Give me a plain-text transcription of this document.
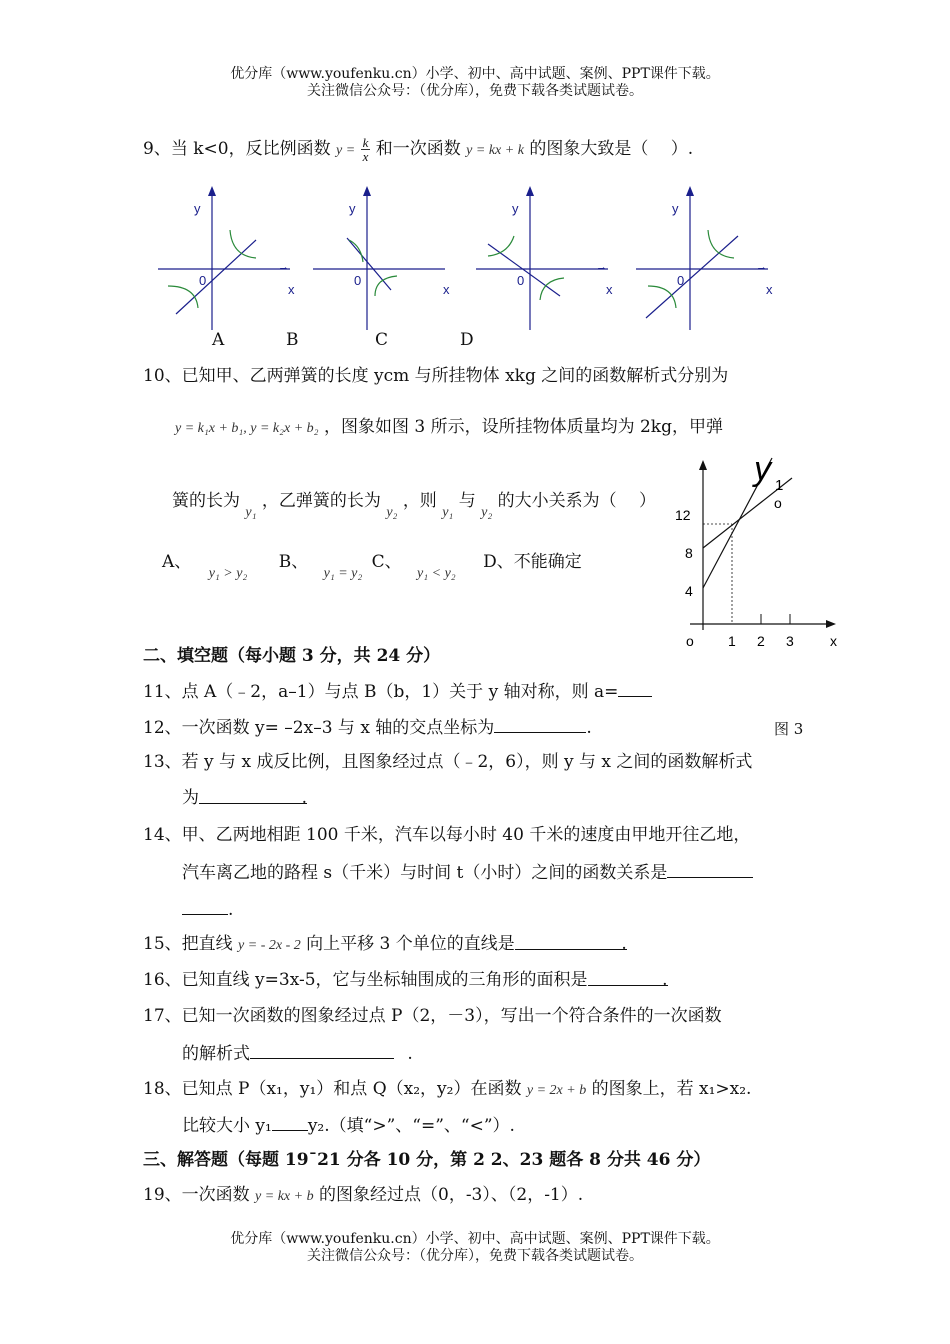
优分库（www.youfenku.cn）小学、初中、高中试题、案例、PPT课件下载。
关注微信公众号：（优分库），免费下载各类试题试卷。
9、当 k<0，反比例函数 $y = \frac{k}{x}$ 和一次函数 y = kx + k 的图象大致是（　 ）.
y
0
x
→
y
0
x
y
0
x
→
y
0
x
→
A	B	C	D
10、已知甲、乙两弹簧的长度 ycm 与所挂物体 xkg 之间的函数解析式分别为
y = k₁x + b₁, y = k₂x + b₂ ，图象如图 3 所示，设所挂物体质量均为 2kg，甲弹
簧的长为 $_{y_1}$ ，乙弹簧的长为 $_{y_2}$ ，则 $_{y_1}$ 与 $_{y_2}$ 的大小关系为（　 ）
A、 $_{y_1 > y_2}$ B、 $_{y_1 = y_2}$ C、 $_{y_1 < y_2}$ D、不能确定
y 1
o
12
8
4
o 1 2 3	x
图 3
二、填空题（每小题 3 分，共 24 分）
11、点 A（﹣2，a–1）与点 B（b，1）关于 y 轴对称，则 a=
12、一次函数 y= –2x–3 与 x 轴的交点坐标为	.
13、若 y 与 x 成反比例，且图象经过点（﹣2，6），则 y 与 x 之间的函数解析式
为	.
14、甲、乙两地相距 100 千米，汽车以每小时 40 千米的速度由甲地开往乙地，
汽车离乙地的路程 s（千米）与时间 t（小时）之间的函数关系是
.
15、把直线 y = - 2x - 2 向上平移 3 个单位的直线是	.
16、已知直线 y=3x-5，它与坐标轴围成的三角形的面积是	.
17、已知一次函数的图象经过点 P（2，－3），写出一个符合条件的一次函数
的解析式	.
18、已知点 P（x₁，y₁）和点 Q（x₂，y₂）在函数 y = 2x + b 的图象上，若 x₁>x₂.
比较大小 y₁ y₂.（填“>”、“=”、“<”）.
三、解答题（每题 19¯21 分各 10 分，第 2 2、23 题各 8 分共 46 分）
19、一次函数 y = kx + b 的图象经过点（0，-3）、（2，-1）.
优分库（www.youfenku.cn）小学、初中、高中试题、案例、PPT课件下载。
关注微信公众号：（优分库），免费下载各类试题试卷。
